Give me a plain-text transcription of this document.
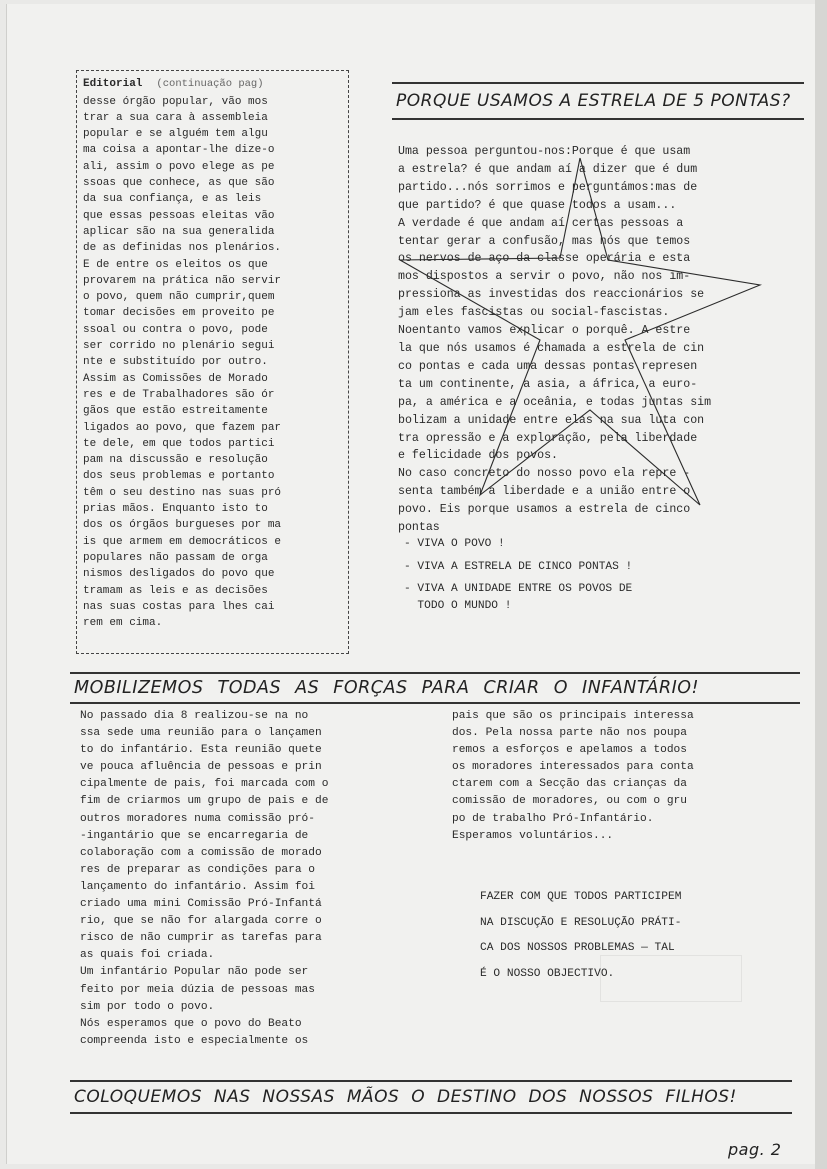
Editorial (continuação pag)
desse órgão popular, vão mos
trar a sua cara à assembleia
popular e se alguém tem algu
ma coisa a apontar-lhe dize-o
ali, assim o povo elege as pe
ssoas que conhece, as que são
da sua confiança, e as leis
que essas pessoas eleitas vão
aplicar são na sua generalida
de as definidas nos plenários.
E de entre os eleitos os que
provarem na prática não servir
o povo, quem não cumprir,quem
tomar decisões em proveito pe
ssoal ou contra o povo, pode
ser corrido no plenário segui
nte e substituído por outro.
Assim as Comissões de Morado
res e de Trabalhadores são ór
gãos que estão estreitamente
ligados ao povo, que fazem par
te dele, em que todos partici
pam na discussão e resolução
dos seus problemas e portanto
têm o seu destino nas suas pró
prias mãos. Enquanto isto to
dos os órgãos burgueses por ma
is que armem em democráticos e
populares não passam de orga
nismos desligados do povo que
tramam as leis e as decisões
nas suas costas para lhes cai
rem em cima.
PORQUE USAMOS A ESTRELA DE 5 PONTAS?
Uma pessoa perguntou-nos:Porque é que usam
a estrela? é que andam aí a dizer que é dum
partido...nós sorrimos e perguntámos:mas de
que partido? é que quase todos a usam...
A verdade é que andam aí certas pessoas a
tentar gerar a confusão, mas nós que temos
os nervos de aço da classe operária e esta
mos dispostos a servir o povo, não nos im-
pressiona as investidas dos reaccionários se
jam eles fascistas ou social-fascistas.
Noentanto vamos explicar o porquê. A estre
la que nós usamos é chamada a estrela de cin
co pontas e cada uma dessas pontas represen
ta um continente, a asia, a áfrica, a euro-
pa, a américa e a oceânia, e todas juntas sim
bolizam a unidade entre elas na sua luta con
tra opressão e a exploração, pela liberdade
e felicidade dos povos.
No caso concreto do nosso povo ela repre -
senta também a liberdade e a união entre o
povo. Eis porque usamos a estrela de cinco
pontas
- VIVA O POVO !
- VIVA A ESTRELA DE CINCO PONTAS !
- VIVA A UNIDADE ENTRE OS POVOS DE
TODO O MUNDO !
MOBILIZEMOS TODAS AS FORÇAS PARA CRIAR O INFANTÁRIO!
No passado dia 8 realizou-se na no
ssa sede uma reunião para o lançamen
to do infantário. Esta reunião quete
ve pouca afluência de pessoas e prin
cipalmente de pais, foi marcada com o
fim de criarmos um grupo de pais e de
outros moradores numa comissão pró-
-ingantário que se encarregaria de
colaboração com a comissão de morado
res de preparar as condições para o
lançamento do infantário. Assim foi
criado uma mini Comissão Pró-Infantá
rio, que se não for alargada corre o
risco de não cumprir as tarefas para
as quais foi criada.
Um infantário Popular não pode ser
feito por meia dúzia de pessoas mas
sim por todo o povo.
Nós esperamos que o povo do Beato
compreenda isto e especialmente os
pais que são os principais interessa
dos. Pela nossa parte não nos poupa
remos a esforços e apelamos a todos
os moradores interessados para conta
ctarem com a Secção das crianças da
comissão de moradores, ou com o gru
po de trabalho Pró-Infantário.
Esperamos voluntários...
FAZER COM QUE TODOS PARTICIPEM
NA DISCUÇÃO E RESOLUÇÃO PRÁTI-
CA DOS NOSSOS PROBLEMAS — TAL
É O NOSSO OBJECTIVO.
COLOQUEMOS NAS NOSSAS MÃOS O DESTINO DOS NOSSOS FILHOS!
pag. 2
